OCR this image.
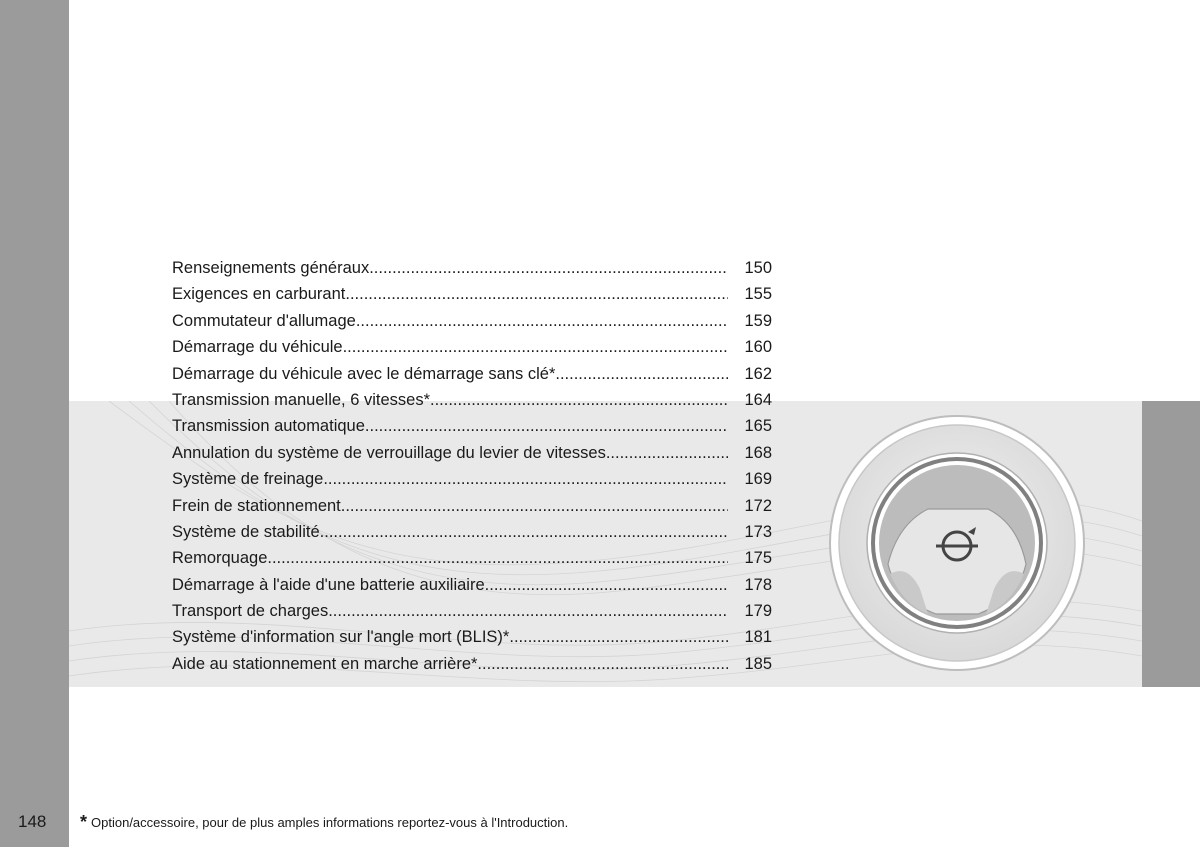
Renseignements généraux .....	150
Exigences en carburant .....	155
Commutateur d'allumage .....	159
Démarrage du véhicule .....	160
Démarrage du véhicule avec le démarrage sans clé* .....	162
Transmission manuelle, 6 vitesses* .....	164
Transmission automatique .....	165
Annulation du système de verrouillage du levier de vitesses .....	168
Système de freinage .....	169
Frein de stationnement .....	172
Système de stabilité .....	173
Remorquage .....	175
Démarrage à l'aide d'une batterie auxiliaire .....	178
Transport de charges .....	179
Système d'information sur l'angle mort (BLIS)* .....	181
Aide au stationnement en marche arrière* .....	185
148 * Option/accessoire, pour de plus amples informations reportez-vous à l'Introduction.
